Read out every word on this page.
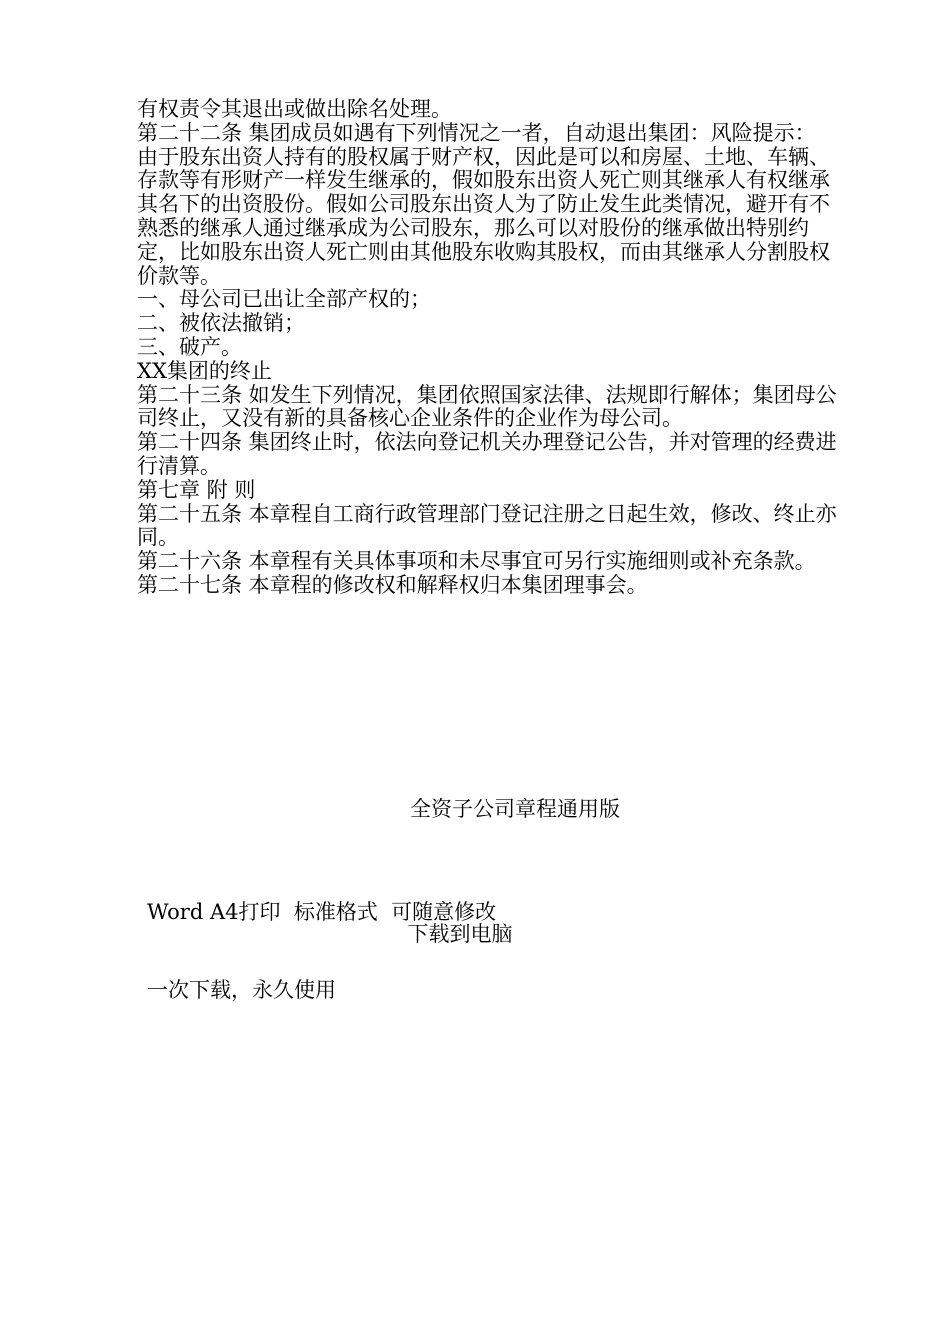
有权责令其退出或做出除名处理。

第二十二条 集团成员如遇有下列情况之一者，自动退出集团：风险提示：

由于股东出资人持有的股权属于财产权，因此是可以和房屋、土地、车辆、存款等有形财产一样发生继承的，假如股东出资人死亡则其继承人有权继承其名下的出资股份。假如公司股东出资人为了防止发生此类情况，避开有不熟悉的继承人通过继承成为公司股东，那么可以对股份的继承做出特别约定，比如股东出资人死亡则由其他股东收购其股权，而由其继承人分割股权价款等。

一、母公司已出让全部产权的；

二、被依法撤销；

三、破产。

XX集团的终止

第二十三条 如发生下列情况，集团依照国家法律、法规即行解体；集团母公司终止，又没有新的具备核心企业条件的企业作为母公司。

第二十四条 集团终止时，依法向登记机关办理登记公告，并对管理的经费进行清算。

第七章 附 则

第二十五条 本章程自工商行政管理部门登记注册之日起生效，修改、终止亦同。

第二十六条 本章程有关具体事项和未尽事宜可另行实施细则或补充条款。

第二十七条 本章程的修改权和解释权归本集团理事会。

全资子公司章程通用版

Word A4打印  标准格式  可随意修改

一次下载，永久使用

下载到电脑
